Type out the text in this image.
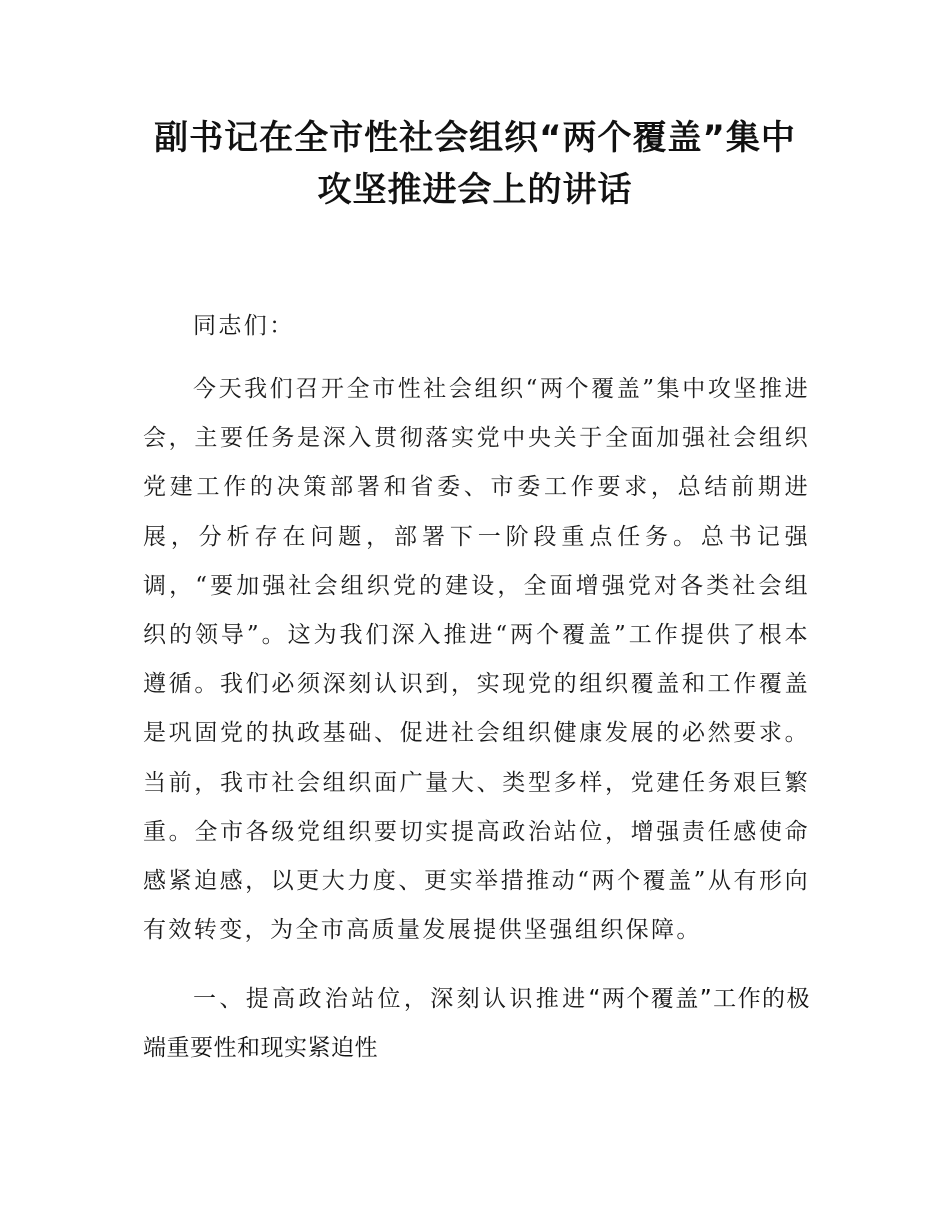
副书记在全市性社会组织“两个覆盖”集中
攻坚推进会上的讲话

同志们：

今天我们召开全市性社会组织“两个覆盖”集中攻坚推进会，主要任务是深入贯彻落实党中央关于全面加强社会组织党建工作的决策部署和省委、市委工作要求，总结前期进展，分析存在问题，部署下一阶段重点任务。总书记强调，“要加强社会组织党的建设，全面增强党对各类社会组织的领导”。这为我们深入推进“两个覆盖”工作提供了根本遵循。我们必须深刻认识到，实现党的组织覆盖和工作覆盖是巩固党的执政基础、促进社会组织健康发展的必然要求。当前，我市社会组织面广量大、类型多样，党建任务艰巨繁重。全市各级党组织要切实提高政治站位，增强责任感使命感紧迫感，以更大力度、更实举措推动“两个覆盖”从有形向有效转变，为全市高质量发展提供坚强组织保障。

一、提高政治站位，深刻认识推进“两个覆盖”工作的极端重要性和现实紧迫性
